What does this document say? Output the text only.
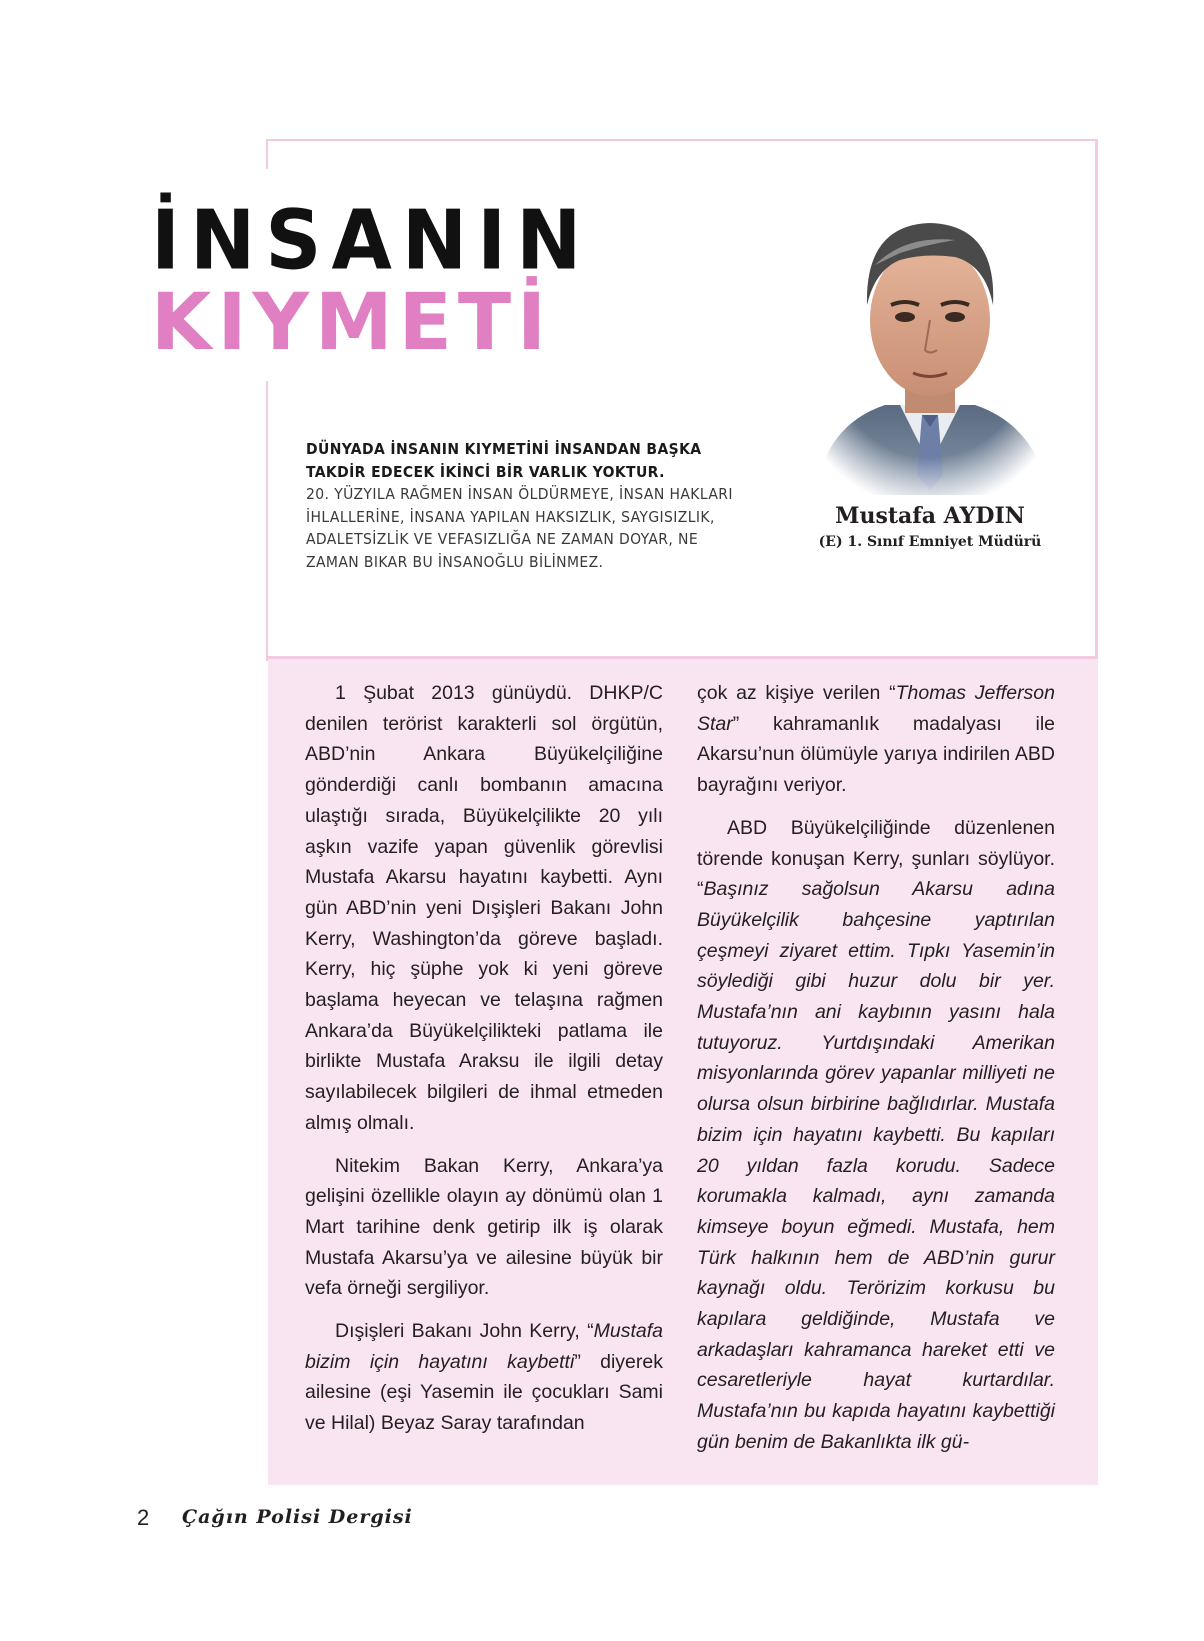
İNSANIN
KIYMETİ
DÜNYADA İNSANIN KIYMETİNİ İNSANDAN BAŞKA
TAKDİR EDECEK İKİNCİ BİR VARLIK YOKTUR.
20. YÜZYILA RAĞMEN İNSAN ÖLDÜRMEYE, İNSAN HAKLARI İHLALLERİNE, İNSANA YAPILAN HAKSIZLIK, SAYGISIZLIK, ADALETSİZLİK VE VEFASIZLIĞA NE ZAMAN DOYAR, NE ZAMAN BIKAR BU İNSANOĞLU BİLİNMEZ.
Mustafa AYDIN
(E) 1. Sınıf Emniyet Müdürü

1 Şubat 2013 günüydü. DHKP/C denilen terörist karakterli sol örgütün, ABD’nin Ankara Büyükelçiliğine gönderdiği canlı bombanın amacına ulaştığı sırada, Büyükelçilikte 20 yılı aşkın vazife yapan güvenlik görevlisi Mustafa Akarsu hayatını kaybetti. Aynı gün ABD’nin yeni Dışişleri Bakanı John Kerry, Washington’da göreve başladı. Kerry, hiç şüphe yok ki yeni göreve başlama heyecan ve telaşına rağmen Ankara’da Büyükelçilikteki patlama ile birlikte Mustafa Araksu ile ilgili detay sayılabilecek bilgileri de ihmal etmeden almış olmalı.

Nitekim Bakan Kerry, Ankara’ya gelişini özellikle olayın ay dönümü olan 1 Mart tarihine denk getirip ilk iş olarak Mustafa Akarsu’ya ve ailesine büyük bir vefa örneği sergiliyor.

Dışişleri Bakanı John Kerry, “Mustafa bizim için hayatını kaybetti” diyerek ailesine (eşi Yasemin ile çocukları Sami ve Hilal) Beyaz Saray tarafından

çok az kişiye verilen “Thomas Jefferson Star” kahramanlık madalyası ile Akarsu’nun ölümüyle yarıya indirilen ABD bayrağını veriyor.

ABD Büyükelçiliğinde düzenlenen törende konuşan Kerry, şunları söylüyor. “Başınız sağolsun Akarsu adına Büyükelçilik bahçesine yaptırılan çeşmeyi ziyaret ettim. Tıpkı Yasemin’in söylediği gibi huzur dolu bir yer. Mustafa’nın ani kaybının yasını hala tutuyoruz. Yurtdışındaki Amerikan misyonlarında görev yapanlar milliyeti ne olursa olsun birbirine bağlıdırlar. Mustafa bizim için hayatını kaybetti. Bu kapıları 20 yıldan fazla korudu. Sadece korumakla kalmadı, aynı zamanda kimseye boyun eğmedi. Mustafa, hem Türk halkının hem de ABD’nin gurur kaynağı oldu. Terörizim korkusu bu kapılara geldiğinde, Mustafa ve arkadaşları kahramanca hareket etti ve cesaretleriyle hayat kurtardılar. Mustafa’nın bu kapıda hayatını kaybettiği gün benim de Bakanlıkta ilk gü-

2 Çağın Polisi Dergisi
